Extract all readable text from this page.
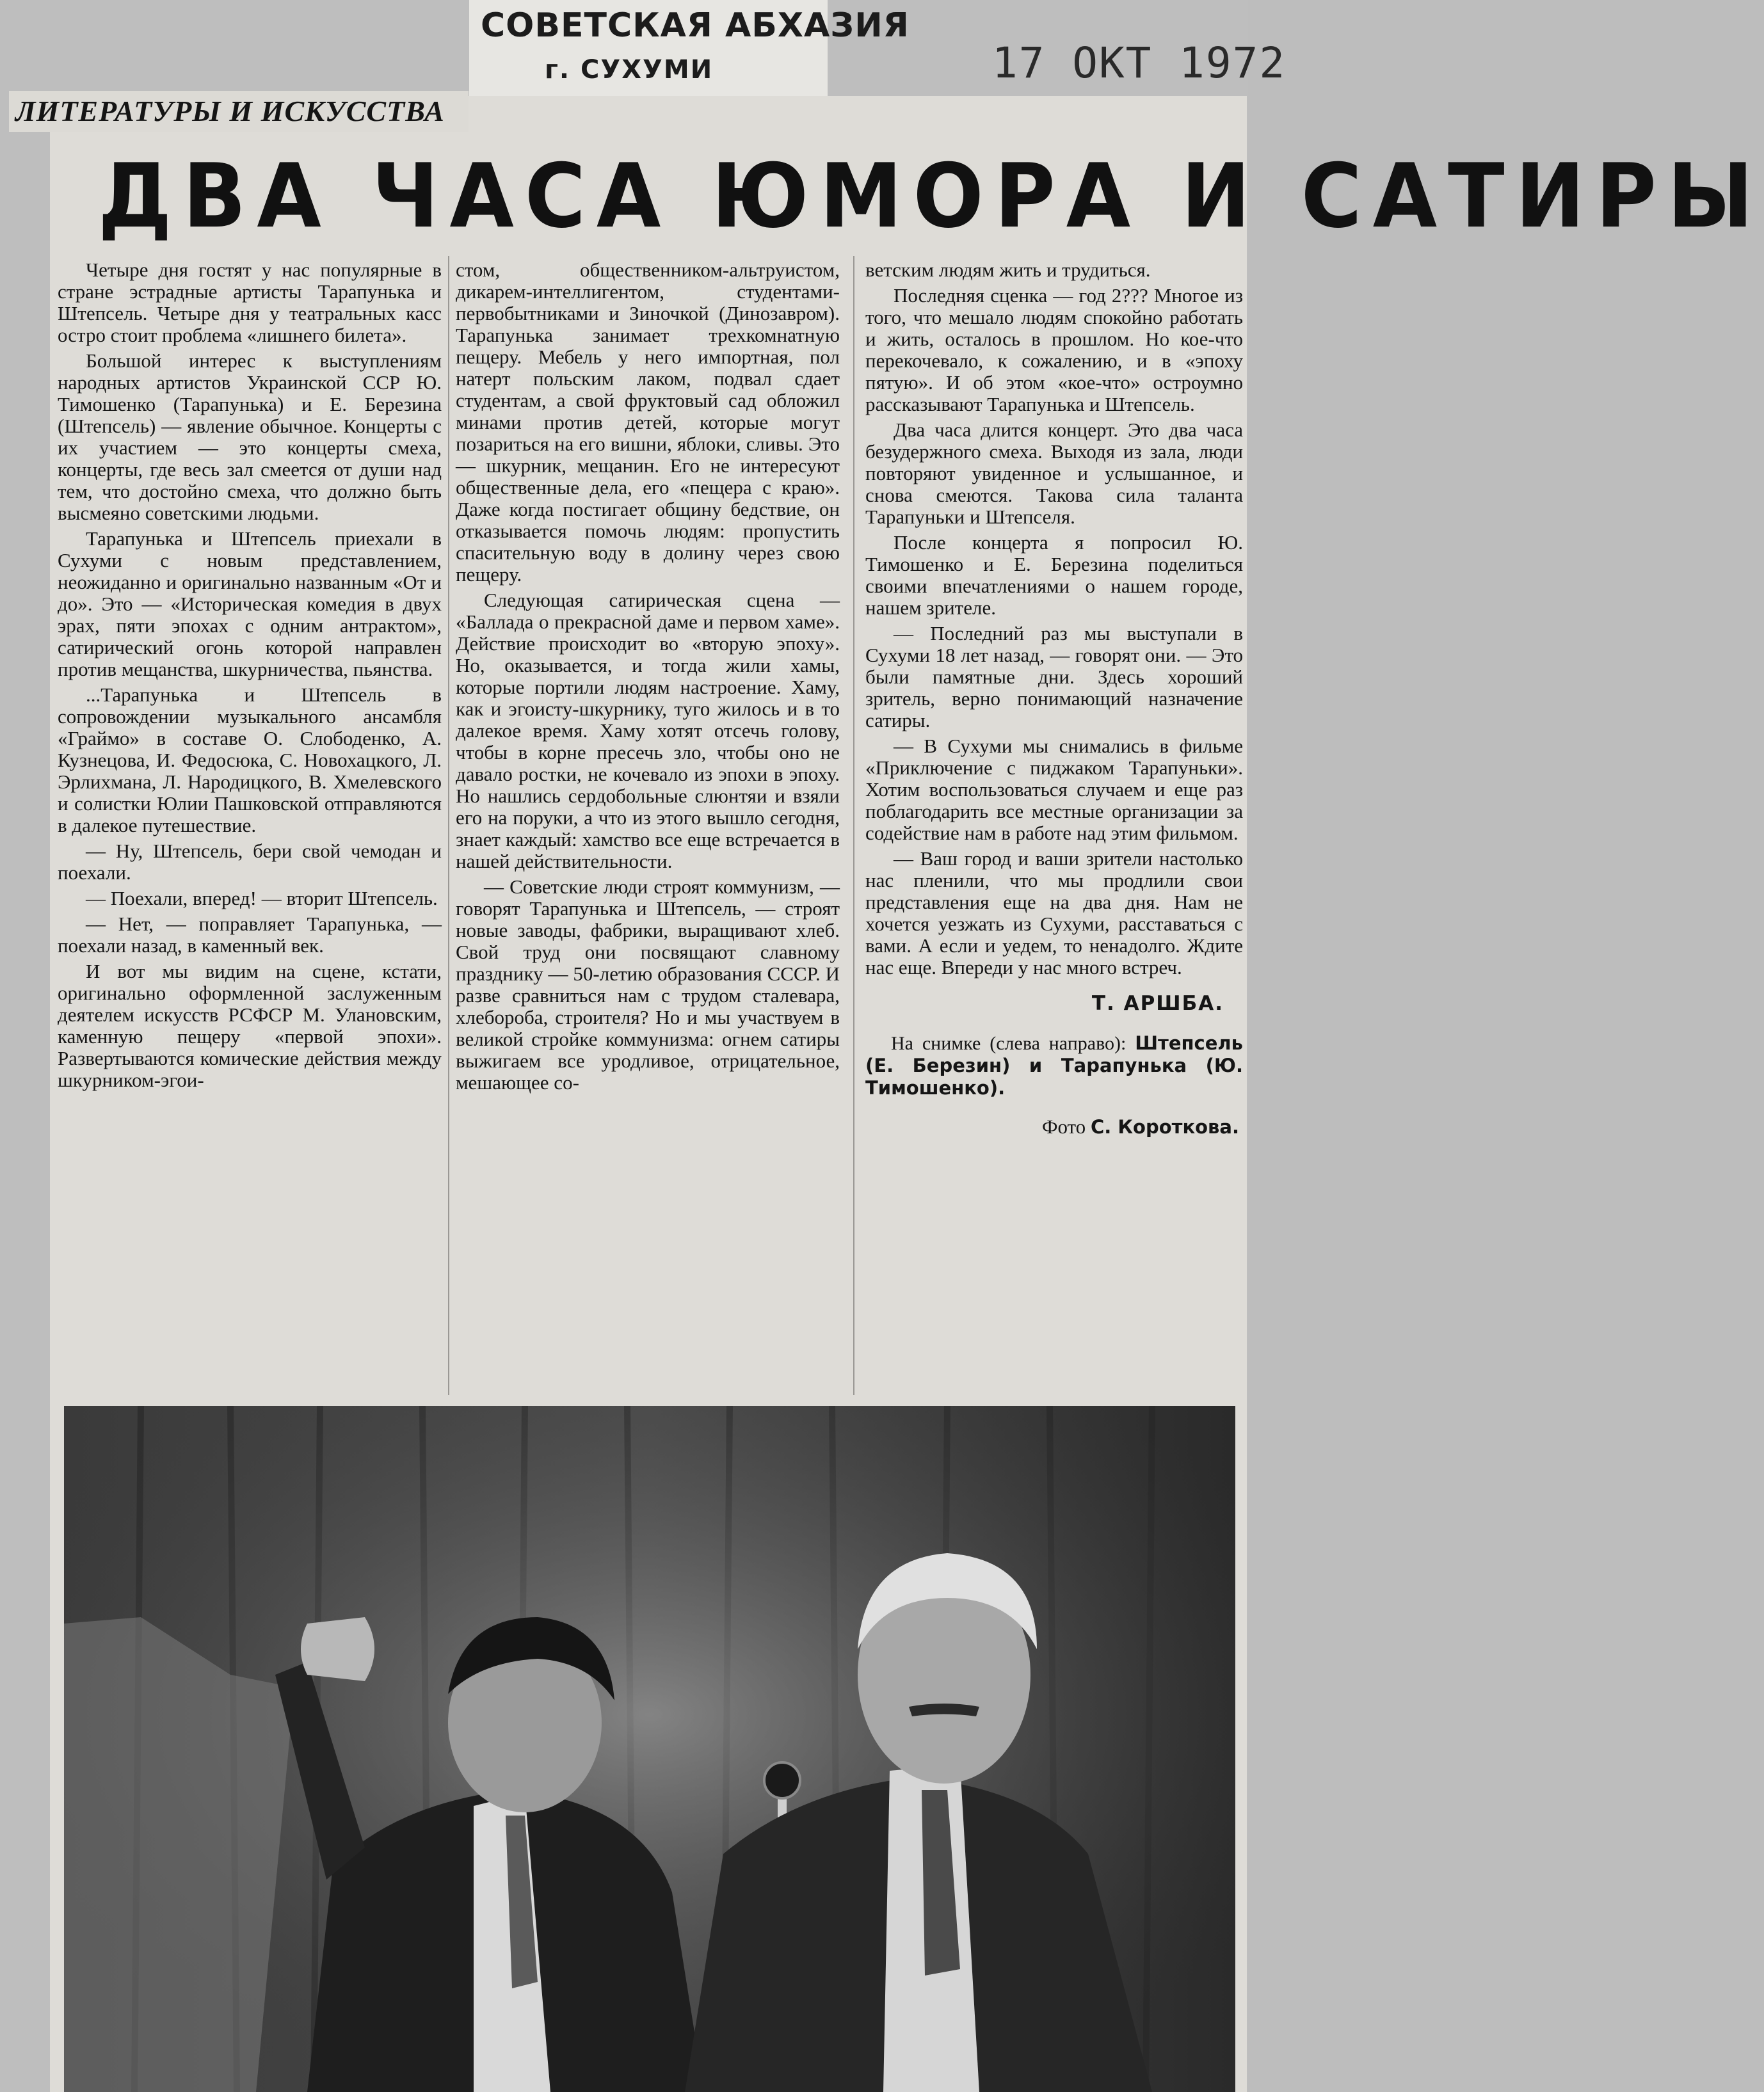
ЛИТЕРАТУРЫ И ИСКУССТВА
СОВЕТСКАЯ АБХАЗИЯ
г. СУХУМИ	17 ОКТ 1972
ДВА ЧАСА ЮМОРА И САТИРЫ

Четыре дня гостят у нас популярные в стране эстрадные артисты Тарапунька и Штепсель. Четыре дня у театральных касс остро стоит проблема «лишнего билета».

Большой интерес к выступлениям народных артистов Украинской ССР Ю. Тимошенко (Тарапунька) и Е. Березина (Штепсель) — явление обычное. Концерты с их участием — это концерты смеха, концерты, где весь зал смеется от души над тем, что достойно смеха, что должно быть высмеяно советскими людьми.

Тарапунька и Штепсель приехали в Сухуми с новым представлением, неожиданно и оригинально названным «От и до». Это — «Историческая комедия в двух эрах, пяти эпохах с одним антрактом», сатирический огонь которой направлен против мещанства, шкурничества, пьянства.

...Тарапунька и Штепсель в сопровождении музыкального ансамбля «Граймо» в составе О. Слободенко, А. Кузнецова, И. Федосюка, С. Новохацкого, Л. Эрлихмана, Л. Народицкого, В. Хмелевского и солистки Юлии Пашковской отправляются в далекое путешествие.

— Ну, Штепсель, бери свой чемодан и поехали.

— Поехали, вперед! — вторит Штепсель.

— Нет, — поправляет Тарапунька, — поехали назад, в каменный век.

И вот мы видим на сцене, кстати, оригинально оформленной заслуженным деятелем искусств РСФСР М. Улановским, каменную пещеру «первой эпохи». Развертываются комические действия между шкурником-эгои-

стом, общественником-альтруистом, дикарем-интеллигентом, студентами-первобытниками и Зиночкой (Динозавром). Тарапунька занимает трехкомнатную пещеру. Мебель у него импортная, пол натерт польским лаком, подвал сдает студентам, а свой фруктовый сад обложил минами против детей, которые могут позариться на его вишни, яблоки, сливы. Это — шкурник, мещанин. Его не интересуют общественные дела, его «пещера с краю». Даже когда постигает общину бедствие, он отказывается помочь людям: пропустить спасительную воду в долину через свою пещеру.

Следующая сатирическая сцена — «Баллада о прекрасной даме и первом хаме». Действие происходит во «вторую эпоху». Но, оказывается, и тогда жили хамы, которые портили людям настроение. Хаму, как и эгоисту-шкурнику, туго жилось и в то далекое время. Хаму хотят отсечь голову, чтобы в корне пресечь зло, чтобы оно не давало ростки, не кочевало из эпохи в эпоху. Но нашлись сердобольные слюнтяи и взяли его на поруки, а что из этого вышло сегодня, знает каждый: хамство все еще встречается в нашей действительности.

— Советские люди строят коммунизм, — говорят Тарапунька и Штепсель, — строят новые заводы, фабрики, выращивают хлеб. Свой труд они посвящают славному празднику — 50-летию образования СССР. И разве сравниться нам с трудом сталевара, хлебороба, строителя? Но и мы участвуем в великой стройке коммунизма: огнем сатиры выжигаем все уродливое, отрицательное, мешающее со-

ветским людям жить и трудиться.

Последняя сценка — год 2??? Многое из того, что мешало людям спокойно работать и жить, осталось в прошлом. Но кое-что перекочевало, к сожалению, и в «эпоху пятую». И об этом «кое-что» остроумно рассказывают Тарапунька и Штепсель.

Два часа длится концерт. Это два часа безудержного смеха. Выходя из зала, люди повторяют увиденное и услышанное, и снова смеются. Такова сила таланта Тарапуньки и Штепселя.

После концерта я попросил Ю. Тимошенко и Е. Березина поделиться своими впечатлениями о нашем городе, нашем зрителе.

— Последний раз мы выступали в Сухуми 18 лет назад, — говорят они. — Это были памятные дни. Здесь хороший зритель, верно понимающий назначение сатиры.

— В Сухуми мы снимались в фильме «Приключение с пиджаком Тарапуньки». Хотим воспользоваться случаем и еще раз поблагодарить все местные организации за содействие нам в работе над этим фильмом.

— Ваш город и ваши зрители настолько нас пленили, что мы продлили свои представления еще на два дня. Нам не хочется уезжать из Сухуми, расставаться с вами. А если и уедем, то ненадолго. Ждите нас еще. Впереди у нас много встреч.

Т. АРШБА.

На снимке (слева направо): Штепсель (Е. Березин) и Тарапунька (Ю. Тимошенко).

Фото С. Короткова.
